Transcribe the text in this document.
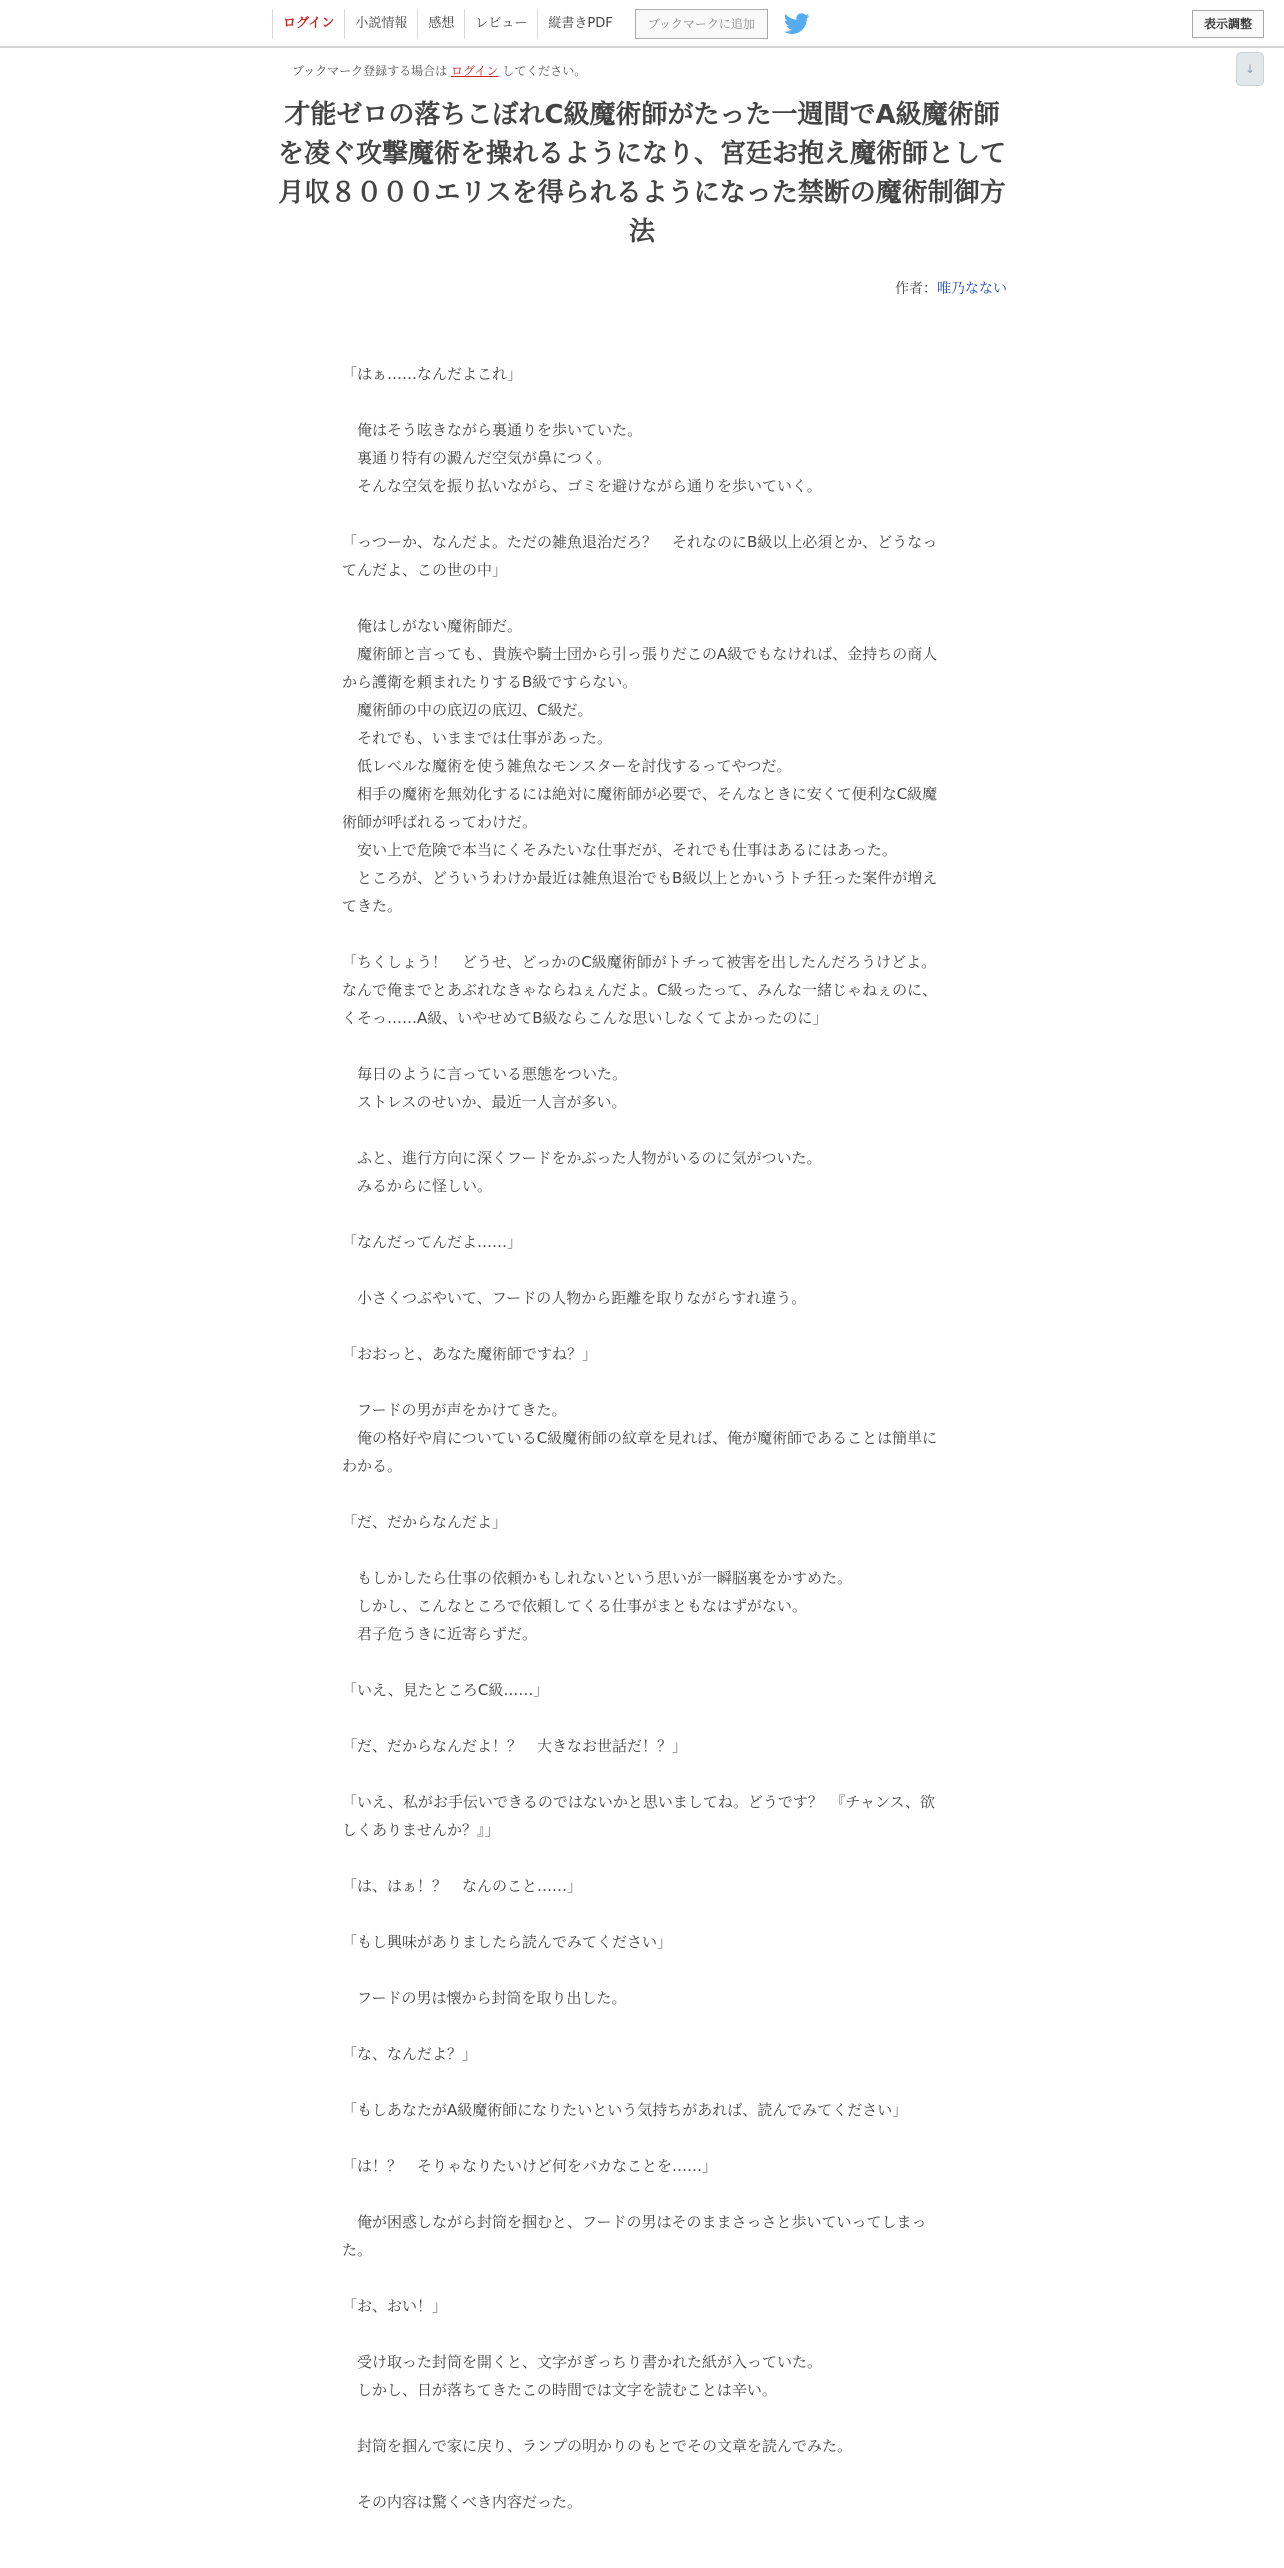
ログイン	小説情報	感想	レビュー	縦書きPDF	ブックマークに追加	表示調整
↓
ブックマーク登録する場合は ログイン してください。
才能ゼロの落ちこぼれC級魔術師がたった一週間でA級魔術師を凌ぐ攻撃魔術を操れるようになり、宮廷お抱え魔術師として月収８０００エリスを得られるようになった禁断の魔術制御方法
作者：唯乃なない

「はぁ……なんだよこれ」

　俺はそう呟きながら裏通りを歩いていた。

　裏通り特有の澱んだ空気が鼻につく。

　そんな空気を振り払いながら、ゴミを避けながら通りを歩いていく。

「っつーか、なんだよ。ただの雑魚退治だろ？　それなのにB級以上必須とか、どうなってんだよ、この世の中」

　俺はしがない魔術師だ。

　魔術師と言っても、貴族や騎士団から引っ張りだこのA級でもなければ、金持ちの商人から護衛を頼まれたりするB級ですらない。

　魔術師の中の底辺の底辺、C級だ。

　それでも、いままでは仕事があった。

　低レベルな魔術を使う雑魚なモンスターを討伐するってやつだ。

　相手の魔術を無効化するには絶対に魔術師が必要で、そんなときに安くて便利なC級魔術師が呼ばれるってわけだ。

　安い上で危険で本当にくそみたいな仕事だが、それでも仕事はあるにはあった。

　ところが、どういうわけか最近は雑魚退治でもB級以上とかいうトチ狂った案件が増えてきた。

「ちくしょう！　どうせ、どっかのC級魔術師がトチって被害を出したんだろうけどよ。なんで俺までとあぶれなきゃならねぇんだよ。C級ったって、みんな一緒じゃねぇのに、くそっ……A級、いやせめてB級ならこんな思いしなくてよかったのに」

　毎日のように言っている悪態をついた。

　ストレスのせいか、最近一人言が多い。

　ふと、進行方向に深くフードをかぶった人物がいるのに気がついた。

　みるからに怪しい。

「なんだってんだよ……」

　小さくつぶやいて、フードの人物から距離を取りながらすれ違う。

「おおっと、あなた魔術師ですね？」

　フードの男が声をかけてきた。

　俺の格好や肩についているC級魔術師の紋章を見れば、俺が魔術師であることは簡単にわかる。

「だ、だからなんだよ」

　もしかしたら仕事の依頼かもしれないという思いが一瞬脳裏をかすめた。

　しかし、こんなところで依頼してくる仕事がまともなはずがない。

　君子危うきに近寄らずだ。

「いえ、見たところC級……」

「だ、だからなんだよ！？　大きなお世話だ！？」

「いえ、私がお手伝いできるのではないかと思いましてね。どうです？　『チャンス、欲しくありませんか？』」

「は、はぁ！？　なんのこと……」

「もし興味がありましたら読んでみてください」

　フードの男は懐から封筒を取り出した。

「な、なんだよ？」

「もしあなたがA級魔術師になりたいという気持ちがあれば、読んでみてください」

「は！？　そりゃなりたいけど何をバカなことを……」

　俺が困惑しながら封筒を掴むと、フードの男はそのままさっさと歩いていってしまった。

「お、おい！」

　受け取った封筒を開くと、文字がぎっちり書かれた紙が入っていた。

　しかし、日が落ちてきたこの時間では文字を読むことは辛い。

　封筒を掴んで家に戻り、ランプの明かりのもとでその文章を読んでみた。

　その内容は驚くべき内容だった。
